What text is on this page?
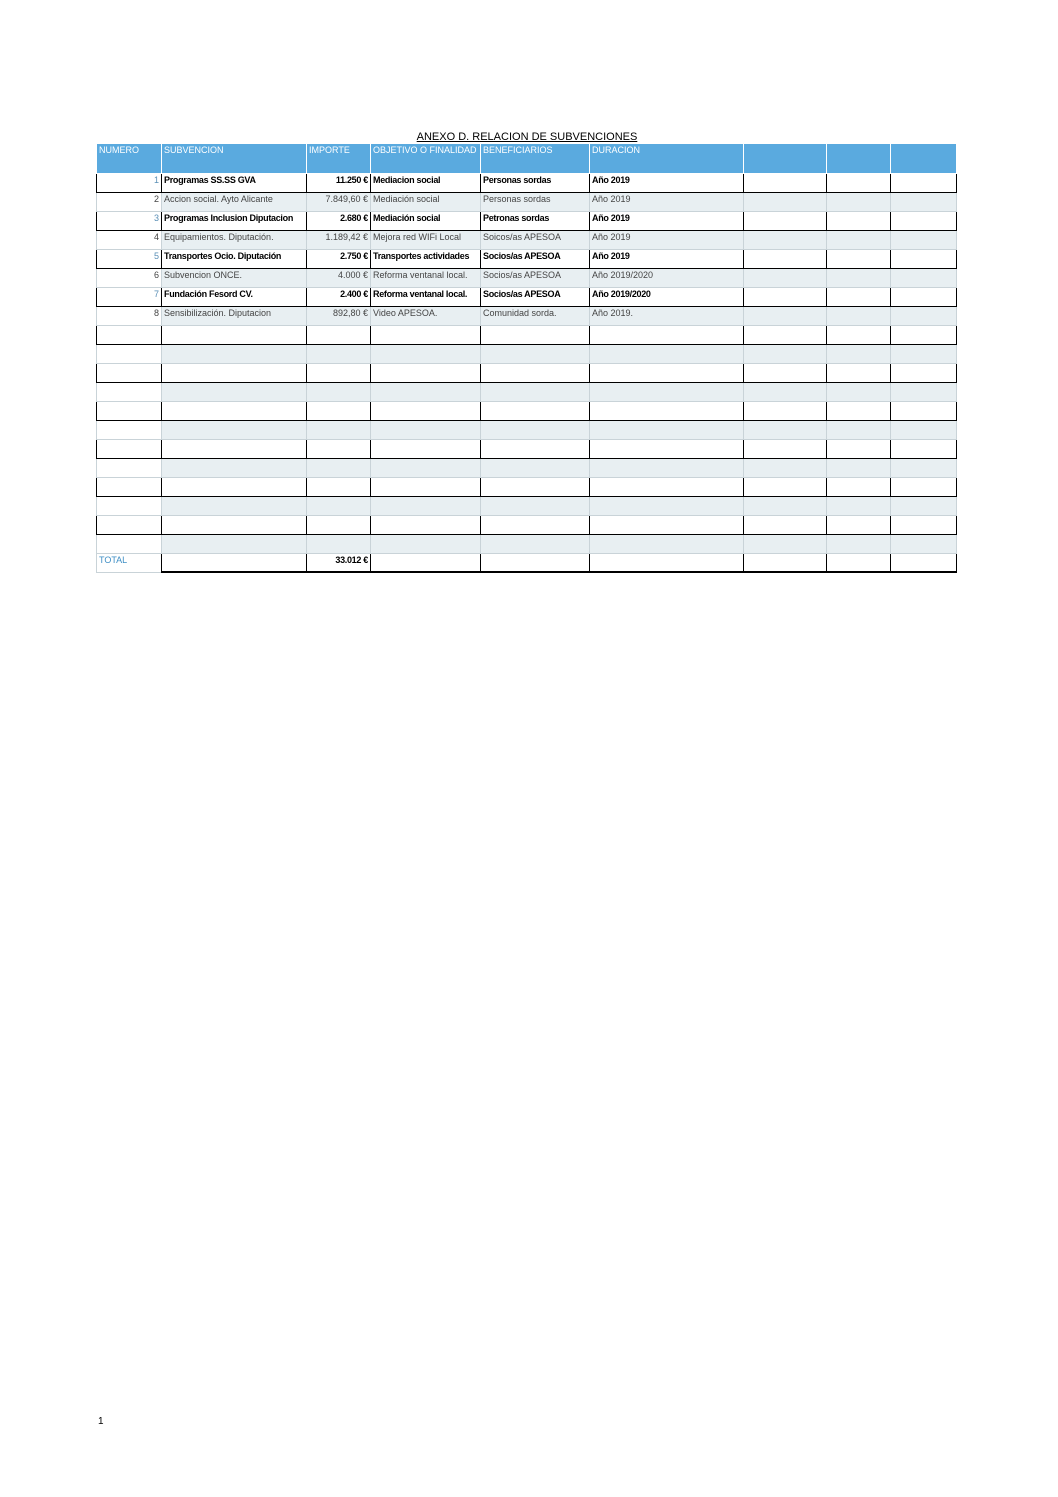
ANEXO D. RELACION DE SUBVENCIONES
NUMERO	SUBVENCION	IMPORTE	OBJETIVO O FINALIDAD	BENEFICIARIOS	DURACION			
1	Programas SS.SS GVA	11.250 €	Mediacion social	Personas sordas	Año 2019			
2	Accion social. Ayto Alicante	7.849,60 €	Mediación social	Personas sordas	Año 2019			
3	Programas Inclusion Diputacion	2.680 €	Mediación social	Petronas sordas	Año 2019			
4	Equipamientos. Diputación.	1.189,42 €	Mejora red WIFi Local	Soicos/as APESOA	Año 2019			
5	Transportes Ocio. Diputación	2.750 €	Transportes actividades	Socios/as APESOA	Año 2019			
6	Subvencion ONCE.	4.000 €	Reforma ventanal local.	Socios/as APESOA	Año 2019/2020			
7	Fundación Fesord CV.	2.400 €	Reforma ventanal local.	Socios/as APESOA	Año 2019/2020			
8	Sensibilización. Diputacion	892,80 €	Video APESOA.	Comunidad sorda.	Año 2019.			

TOTAL		33.012 €						
1
